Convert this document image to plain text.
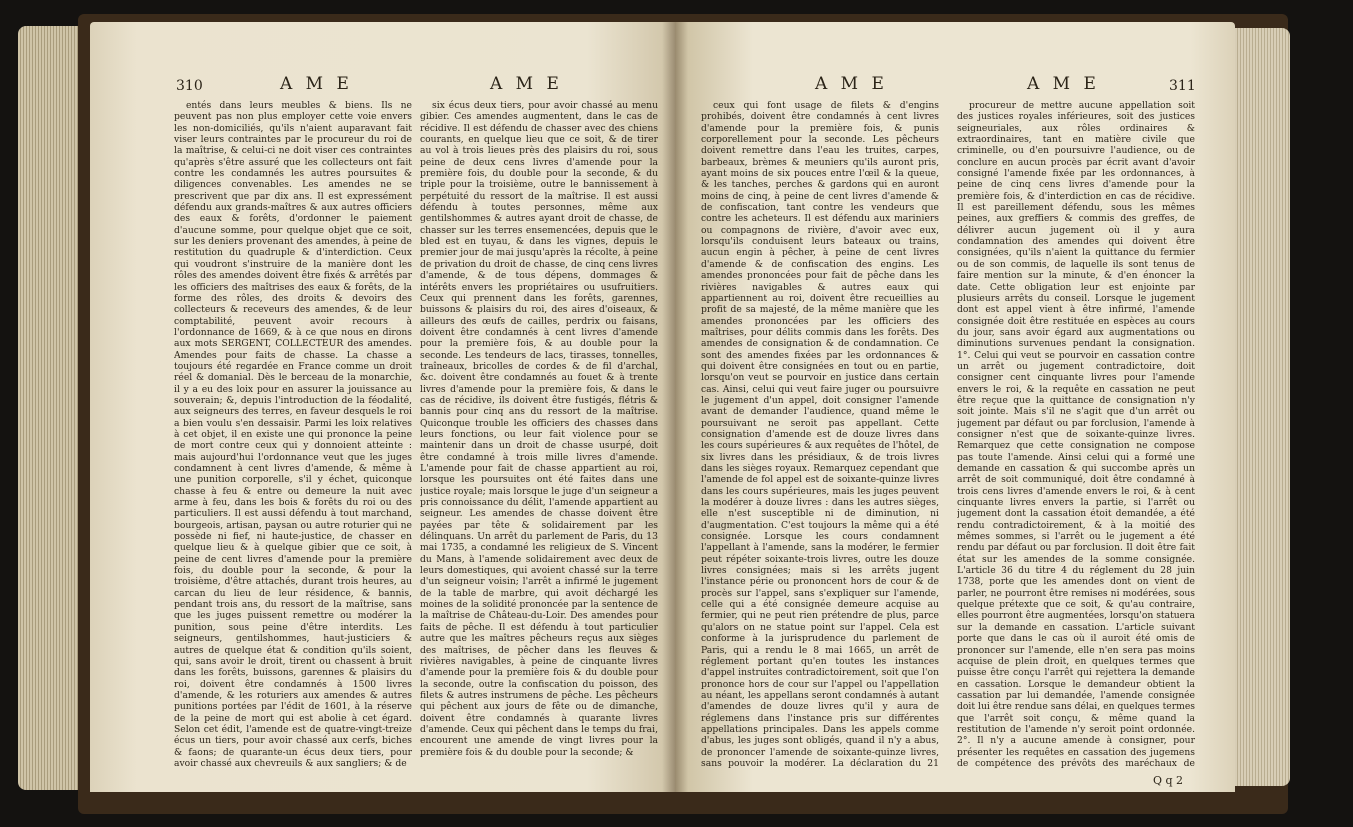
310	A M E	A M E

entés dans leurs meubles & biens. Ils ne peuvent pas non plus employer cette voie envers les non-domiciliés, qu'ils n'aient auparavant fait viser leurs contraintes par le procureur du roi de la maîtrise, & celui-ci ne doit viser ces contraintes qu'après s'être assuré que les collecteurs ont fait contre les condamnés les autres poursuites & diligences convenables. Les amendes ne se prescrivent que par dix ans. Il est expressément défendu aux grands-maîtres & aux autres officiers des eaux & forêts, d'ordonner le paiement d'aucune somme, pour quelque objet que ce soit, sur les deniers provenant des amendes, à peine de restitution du quadruple & d'interdiction. Ceux qui voudront s'instruire de la manière dont les rôles des amendes doivent être fixés & arrêtés par les officiers des maîtrises des eaux & forêts, de la forme des rôles, des droits & devoirs des collecteurs & receveurs des amendes, & de leur comptabilité, peuvent avoir recours à l'ordonnance de 1669, & à ce que nous en dirons aux mots SERGENT, COLLECTEUR des amendes. Amendes pour faits de chasse. La chasse a toujours été regardée en France comme un droit réel & domanial. Dès le berceau de la monarchie, il y a eu des loix pour en assurer la jouissance au souverain; &, depuis l'introduction de la féodalité, aux seigneurs des terres, en faveur desquels le roi a bien voulu s'en dessaisir. Parmi les loix relatives à cet objet, il en existe une qui prononce la peine de mort contre ceux qui y donnoient atteinte : mais aujourd'hui l'ordonnance veut que les juges condamnent à cent livres d'amende, & même à une punition corporelle, s'il y échet, quiconque chasse à feu & entre ou demeure la nuit avec arme à feu, dans les bois & forêts du roi ou des particuliers. Il est aussi défendu à tout marchand, bourgeois, artisan, paysan ou autre roturier qui ne possède ni fief, ni haute-justice, de chasser en quelque lieu & à quelque gibier que ce soit, à peine de cent livres d'amende pour la première fois, du double pour la seconde, & pour la troisième, d'être attachés, durant trois heures, au carcan du lieu de leur résidence, & bannis, pendant trois ans, du ressort de la maîtrise, sans que les juges puissent remettre ou modérer la punition, sous peine d'être interdits. Les seigneurs, gentilshommes, haut-justiciers & autres de quelque état & condition qu'ils soient, qui, sans avoir le droit, tirent ou chassent à bruit dans les forêts, buissons, garennes & plaisirs du roi, doivent être condamnés à 1500 livres d'amende, & les roturiers aux amendes & autres punitions portées par l'édit de 1601, à la réserve de la peine de mort qui est abolie à cet égard. Selon cet édit, l'amende est de quatre-vingt-treize écus un tiers, pour avoir chassé aux cerfs, biches & faons; de quarante-un écus deux tiers, pour avoir chassé aux chevreuils & aux sangliers; & de

six écus deux tiers, pour avoir chassé au menu gibier. Ces amendes augmentent, dans le cas de récidive. Il est défendu de chasser avec des chiens courants, en quelque lieu que ce soit, & de tirer au vol à trois lieues près des plaisirs du roi, sous peine de deux cens livres d'amende pour la première fois, du double pour la seconde, & du triple pour la troisième, outre le bannissement à perpétuité du ressort de la maîtrise. Il est aussi défendu à toutes personnes, même aux gentilshommes & autres ayant droit de chasse, de chasser sur les terres ensemencées, depuis que le bled est en tuyau, & dans les vignes, depuis le premier jour de mai jusqu'après la récolte, à peine de privation du droit de chasse, de cinq cens livres d'amende, & de tous dépens, dommages & intérêts envers les propriétaires ou usufruitiers. Ceux qui prennent dans les forêts, garennes, buissons & plaisirs du roi, des aires d'oiseaux, & ailleurs des œufs de cailles, perdrix ou faisans, doivent être condamnés à cent livres d'amende pour la première fois, & au double pour la seconde. Les tendeurs de lacs, tirasses, tonnelles, traîneaux, bricolles de cordes & de fil d'archal, &c. doivent être condamnés au fouet & à trente livres d'amende pour la première fois, & dans le cas de récidive, ils doivent être fustigés, flétris & bannis pour cinq ans du ressort de la maîtrise. Quiconque trouble les officiers des chasses dans leurs fonctions, ou leur fait violence pour se maintenir dans un droit de chasse usurpé, doit être condamné à trois mille livres d'amende. L'amende pour fait de chasse appartient au roi, lorsque les poursuites ont été faites dans une justice royale; mais lorsque le juge d'un seigneur a pris connoissance du délit, l'amende appartient au seigneur. Les amendes de chasse doivent être payées par tête & solidairement par les délinquans. Un arrêt du parlement de Paris, du 13 mai 1735, a condamné les religieux de S. Vincent du Mans, à l'amende solidairement avec deux de leurs domestiques, qui avoient chassé sur la terre d'un seigneur voisin; l'arrêt a infirmé le jugement de la table de marbre, qui avoit déchargé les moines de la solidité prononcée par la sentence de la maîtrise de Château-du-Loir. Des amendes pour faits de pêche. Il est défendu à tout particulier autre que les maîtres pêcheurs reçus aux sièges des maîtrises, de pêcher dans les fleuves & rivières navigables, à peine de cinquante livres d'amende pour la première fois & du double pour la seconde, outre la confiscation du poisson, des filets & autres instrumens de pêche. Les pêcheurs qui pêchent aux jours de fête ou de dimanche, doivent être condamnés à quarante livres d'amende. Ceux qui pêchent dans le temps du frai, encourent une amende de vingt livres pour la première fois & du double pour la seconde; &

A M E	A M E	311

ceux qui font usage de filets & d'engins prohibés, doivent être condamnés à cent livres d'amende pour la première fois, & punis corporellement pour la seconde. Les pêcheurs doivent remettre dans l'eau les truites, carpes, barbeaux, brèmes & meuniers qu'ils auront pris, ayant moins de six pouces entre l'œil & la queue, & les tanches, perches & gardons qui en auront moins de cinq, à peine de cent livres d'amende & de confiscation, tant contre les vendeurs que contre les acheteurs. Il est défendu aux mariniers ou compagnons de rivière, d'avoir avec eux, lorsqu'ils conduisent leurs bateaux ou trains, aucun engin à pêcher, à peine de cent livres d'amende & de confiscation des engins. Les amendes prononcées pour fait de pêche dans les rivières navigables & autres eaux qui appartiennent au roi, doivent être recueillies au profit de sa majesté, de la même manière que les amendes prononcées par les officiers des maîtrises, pour délits commis dans les forêts. Des amendes de consignation & de condamnation. Ce sont des amendes fixées par les ordonnances & qui doivent être consignées en tout ou en partie, lorsqu'on veut se pourvoir en justice dans certain cas. Ainsi, celui qui veut faire juger ou poursuivre le jugement d'un appel, doit consigner l'amende avant de demander l'audience, quand même le poursuivant ne seroit pas appellant. Cette consignation d'amende est de douze livres dans les cours supérieures & aux requêtes de l'hôtel, de six livres dans les présidiaux, & de trois livres dans les sièges royaux. Remarquez cependant que l'amende de fol appel est de soixante-quinze livres dans les cours supérieures, mais les juges peuvent la modérer à douze livres : dans les autres sièges, elle n'est susceptible ni de diminution, ni d'augmentation. C'est toujours la même qui a été consignée. Lorsque les cours condamnent l'appellant à l'amende, sans la modérer, le fermier peut répéter soixante-trois livres, outre les douze livres consignées; mais si les arrêts jugent l'instance périe ou prononcent hors de cour & de procès sur l'appel, sans s'expliquer sur l'amende, celle qui a été consignée demeure acquise au fermier, qui ne peut rien prétendre de plus, parce qu'alors on ne statue point sur l'appel. Cela est conforme à la jurisprudence du parlement de Paris, qui a rendu le 8 mai 1665, un arrêt de réglement portant qu'en toutes les instances d'appel instruites contradictoirement, soit que l'on prononce hors de cour sur l'appel ou l'appellation au néant, les appellans seront condamnés à autant d'amendes de douze livres qu'il y aura de réglemens dans l'instance pris sur différentes appellations principales. Dans les appels comme d'abus, les juges sont obligés, quand il n'y a abus, de prononcer l'amende de soixante-quinze livres, sans pouvoir la modérer. La déclaration du 21

procureur de mettre aucune appellation soit des justices royales inférieures, soit des justices seigneuriales, aux rôles ordinaires & extraordinaires, tant en matière civile que criminelle, ou d'en poursuivre l'audience, ou de conclure en aucun procès par écrit avant d'avoir consigné l'amende fixée par les ordonnances, à peine de cinq cens livres d'amende pour la première fois, & d'interdiction en cas de récidive. Il est pareillement défendu, sous les mêmes peines, aux greffiers & commis des greffes, de délivrer aucun jugement où il y aura condamnation des amendes qui doivent être consignées, qu'ils n'aient la quittance du fermier ou de son commis, de laquelle ils sont tenus de faire mention sur la minute, & d'en énoncer la date. Cette obligation leur est enjointe par plusieurs arrêts du conseil. Lorsque le jugement dont est appel vient à être infirmé, l'amende consignée doit être restituée en espèces au cours du jour, sans avoir égard aux augmentations ou diminutions survenues pendant la consignation. 1°. Celui qui veut se pourvoir en cassation contre un arrêt ou jugement contradictoire, doit consigner cent cinquante livres pour l'amende envers le roi, & la requête en cassation ne peut être reçue que la quittance de consignation n'y soit jointe. Mais s'il ne s'agit que d'un arrêt ou jugement par défaut ou par forclusion, l'amende à consigner n'est que de soixante-quinze livres. Remarquez que cette consignation ne compose pas toute l'amende. Ainsi celui qui a formé une demande en cassation & qui succombe après un arrêt de soit communiqué, doit être condamné à trois cens livres d'amende envers le roi, & à cent cinquante livres envers la partie, si l'arrêt ou jugement dont la cassation étoit demandée, a été rendu contradictoirement, & à la moitié des mêmes sommes, si l'arrêt ou le jugement a été rendu par défaut ou par forclusion. Il doit être fait état sur les amendes de la somme consignée. L'article 36 du titre 4 du réglement du 28 juin 1738, porte que les amendes dont on vient de parler, ne pourront être remises ni modérées, sous quelque prétexte que ce soit, & qu'au contraire, elles pourront être augmentées, lorsqu'on statuera sur la demande en cassation. L'article suivant porte que dans le cas où il auroit été omis de prononcer sur l'amende, elle n'en sera pas moins acquise de plein droit, en quelques termes que puisse être conçu l'arrêt qui rejettera la demande en cassation. Lorsque le demandeur obtient la cassation par lui demandée, l'amende consignée doit lui être rendue sans délai, en quelques termes que l'arrêt soit conçu, & même quand la restitution de l'amende n'y seroit point ordonnée. 2°. Il n'y a aucune amende à consigner, pour présenter les requêtes en cassation des jugemens de compétence des prévôts des maréchaux de

Q q 2
